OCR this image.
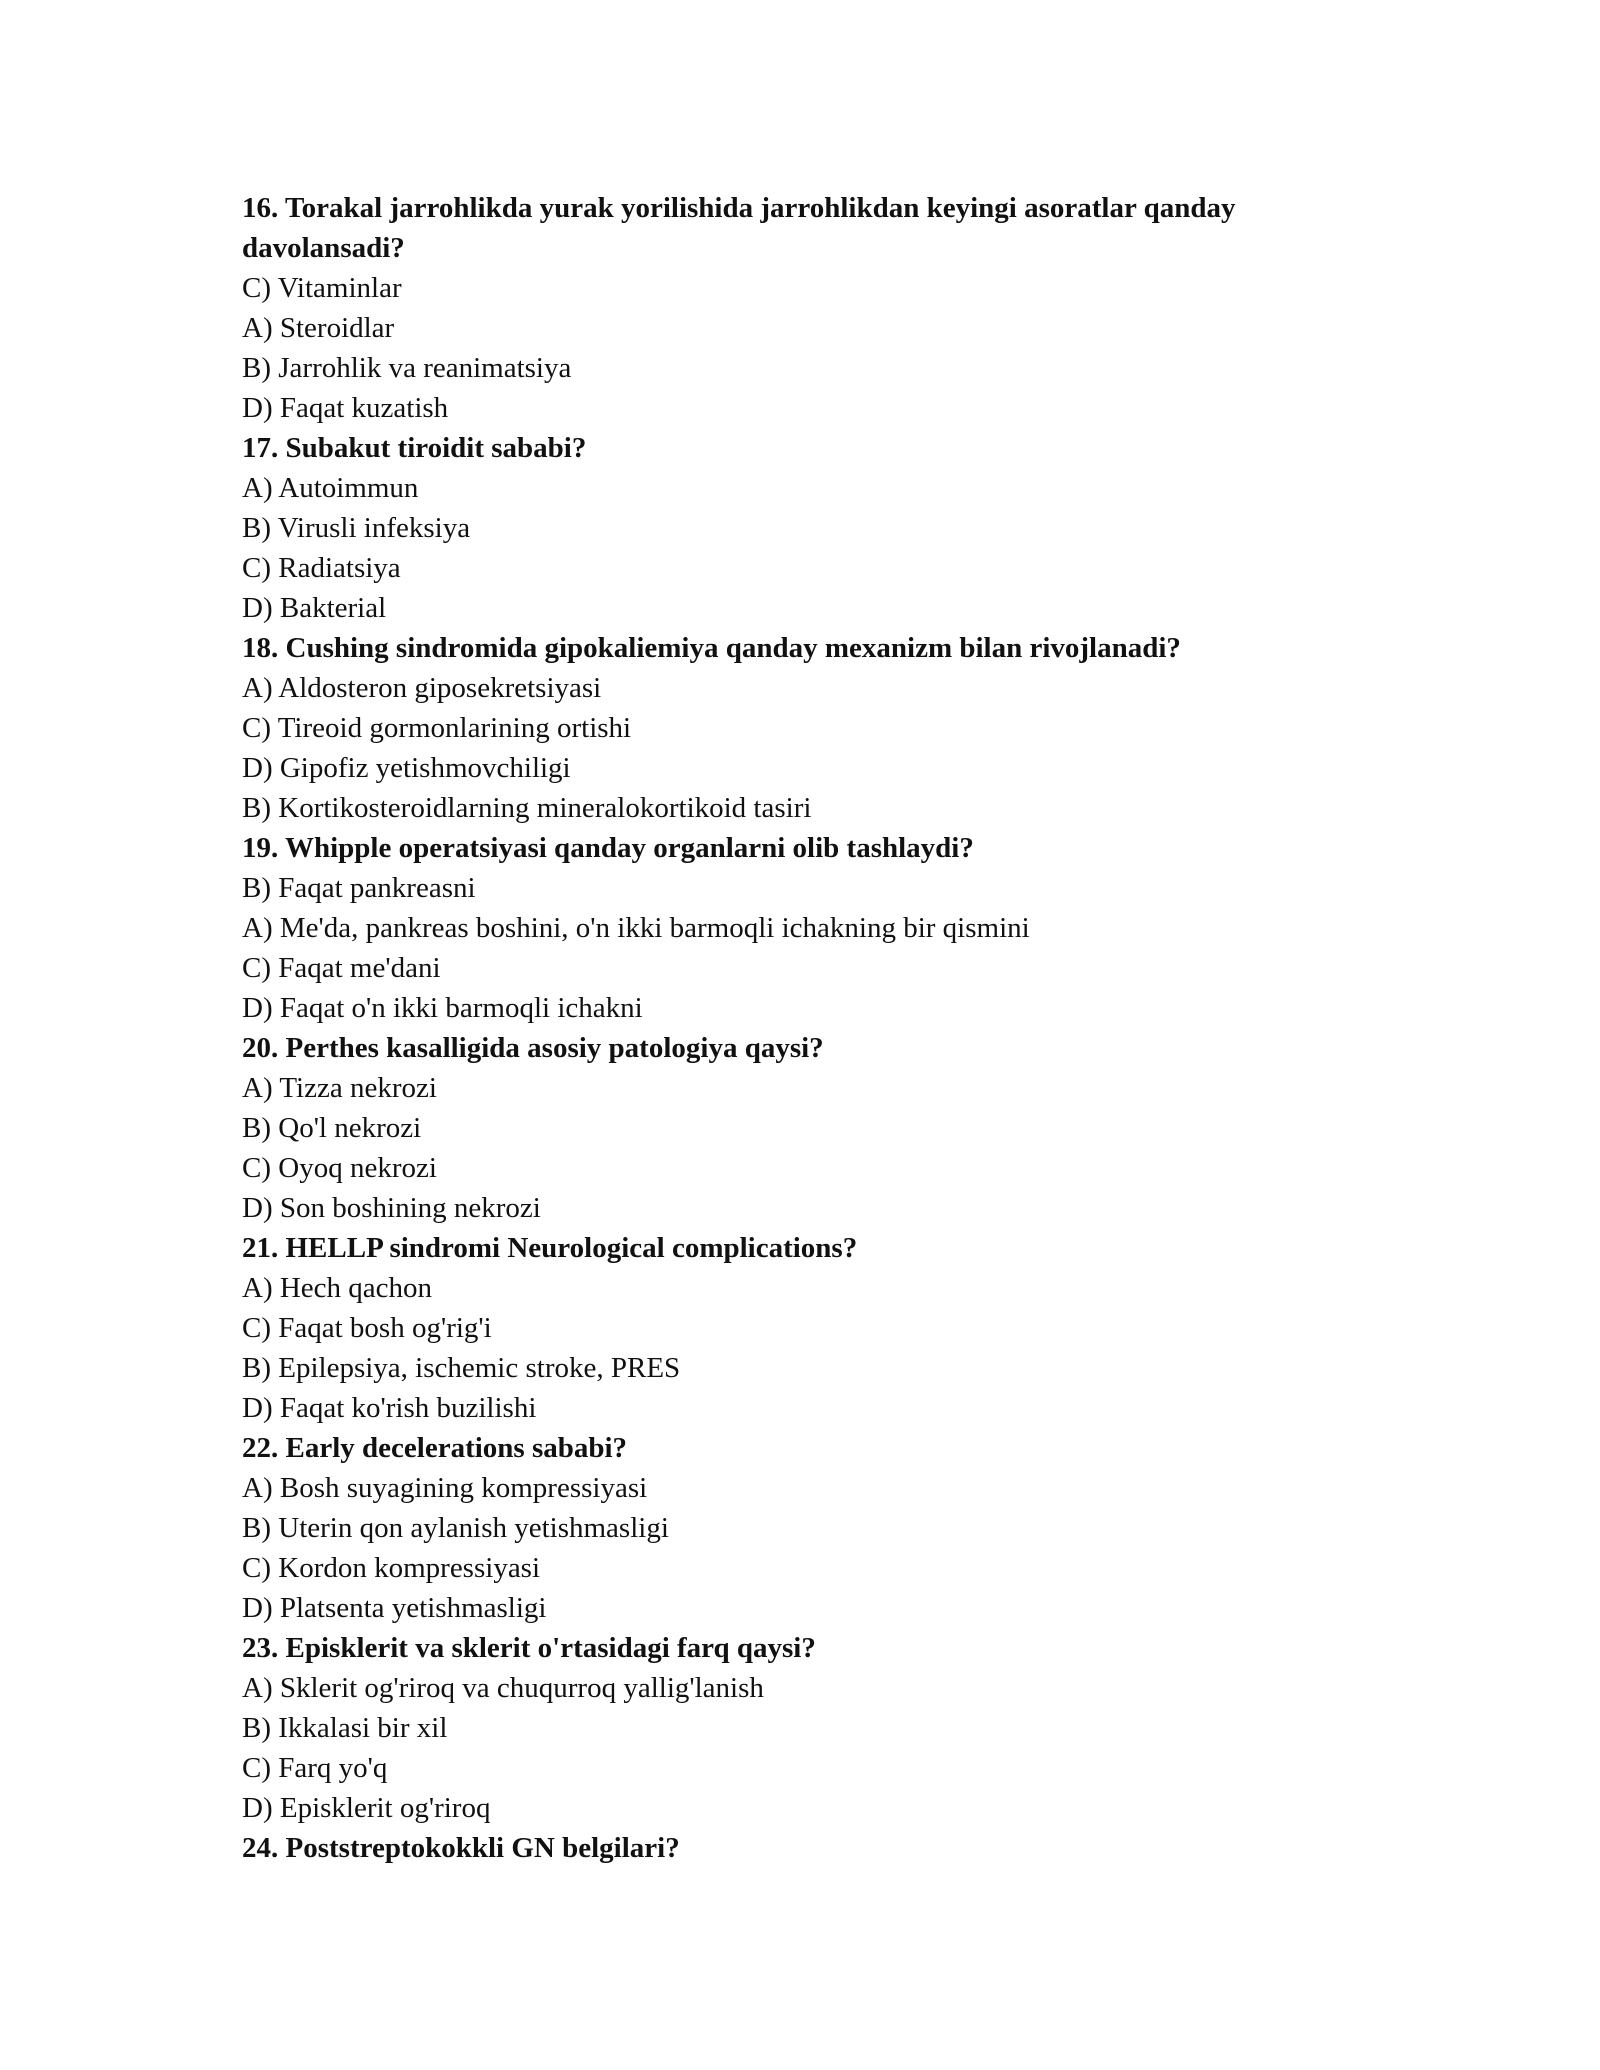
16. Torakal jarrohlikda yurak yorilishida jarrohlikdan keyingi asoratlar qanday davolansadi?
C) Vitaminlar
A) Steroidlar
B) Jarrohlik va reanimatsiya
D) Faqat kuzatish
17. Subakut tiroidit sababi?
A) Autoimmun
B) Virusli infeksiya
C) Radiatsiya
D) Bakterial
18. Cushing sindromida gipokaliemiya qanday mexanizm bilan rivojlanadi?
A) Aldosteron giposekretsiyasi
C) Tireoid gormonlarining ortishi
D) Gipofiz yetishmovchiligi
B) Kortikosteroidlarning mineralokortikoid tasiri
19. Whipple operatsiyasi qanday organlarni olib tashlaydi?
B) Faqat pankreasni
A) Me'da, pankreas boshini, o'n ikki barmoqli ichakning bir qismini
C) Faqat me'dani
D) Faqat o'n ikki barmoqli ichakni
20. Perthes kasalligida asosiy patologiya qaysi?
A) Tizza nekrozi
B) Qo'l nekrozi
C) Oyoq nekrozi
D) Son boshining nekrozi
21. HELLP sindromi Neurological complications?
A) Hech qachon
C) Faqat bosh og'rig'i
B) Epilepsiya, ischemic stroke, PRES
D) Faqat ko'rish buzilishi
22. Early decelerations sababi?
A) Bosh suyagining kompressiyasi
B) Uterin qon aylanish yetishmasligi
C) Kordon kompressiyasi
D) Platsenta yetishmasligi
23. Episklerit va sklerit o'rtasidagi farq qaysi?
A) Sklerit og'riroq va chuqurroq yallig'lanish
B) Ikkalasi bir xil
C) Farq yo'q
D) Episklerit og'riroq
24. Poststreptokokkli GN belgilari?
